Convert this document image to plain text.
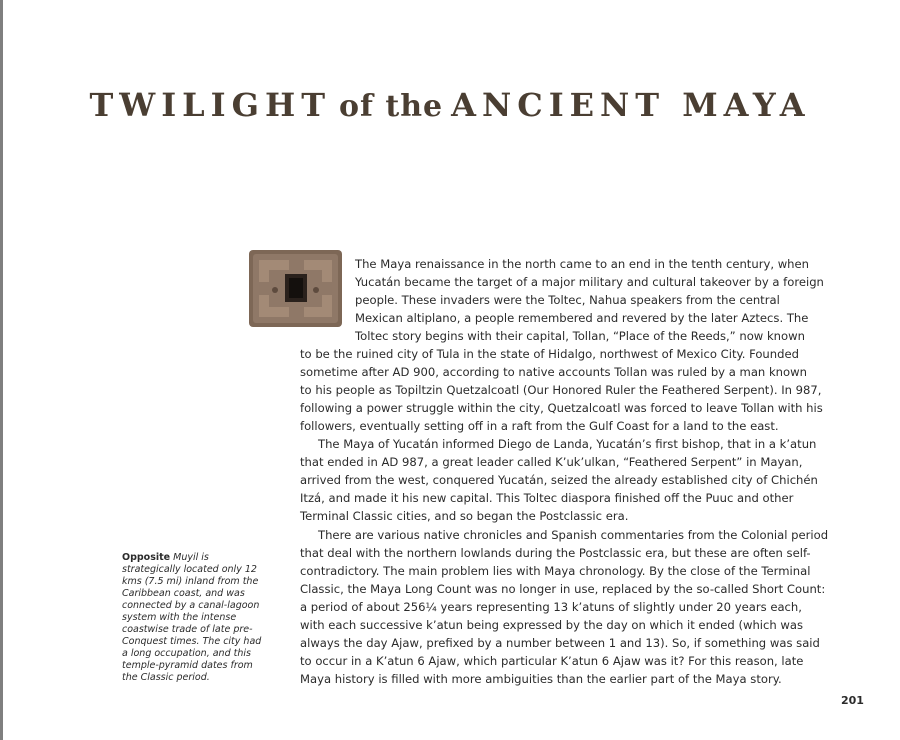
TWILIGHT of the ANCIENT MAYA
The Maya renaissance in the north came to an end in the tenth century, when
Yucatán became the target of a major military and cultural takeover by a foreign
people. These invaders were the Toltec, Nahua speakers from the central
Mexican altiplano, a people remembered and revered by the later Aztecs. The
Toltec story begins with their capital, Tollan, “Place of the Reeds,” now known
to be the ruined city of Tula in the state of Hidalgo, northwest of Mexico City. Founded
sometime after AD 900, according to native accounts Tollan was ruled by a man known
to his people as Topiltzin Quetzalcoatl (Our Honored Ruler the Feathered Serpent). In 987,
following a power struggle within the city, Quetzalcoatl was forced to leave Tollan with his
followers, eventually setting off in a raft from the Gulf Coast for a land to the east.
The Maya of Yucatán informed Diego de Landa, Yucatán’s first bishop, that in a k’atun
that ended in AD 987, a great leader called K’uk’ulkan, “Feathered Serpent” in Mayan,
arrived from the west, conquered Yucatán, seized the already established city of Chichén
Itzá, and made it his new capital. This Toltec diaspora finished off the Puuc and other
Terminal Classic cities, and so began the Postclassic era.
There are various native chronicles and Spanish commentaries from the Colonial period
that deal with the northern lowlands during the Postclassic era, but these are often self-
contradictory. The main problem lies with Maya chronology. By the close of the Terminal
Classic, the Maya Long Count was no longer in use, replaced by the so-called Short Count:
a period of about 256¼ years representing 13 k’atuns of slightly under 20 years each,
with each successive k’atun being expressed by the day on which it ended (which was
always the day Ajaw, prefixed by a number between 1 and 13). So, if something was said
to occur in a K’atun 6 Ajaw, which particular K’atun 6 Ajaw was it? For this reason, late
Maya history is filled with more ambiguities than the earlier part of the Maya story.
Opposite Muyil is strategically located only 12 kms (7.5 mi) inland from the Caribbean coast, and was connected by a canal-lagoon system with the intense coastwise trade of late pre-Conquest times. The city had a long occupation, and this temple-pyramid dates from the Classic period.
201
